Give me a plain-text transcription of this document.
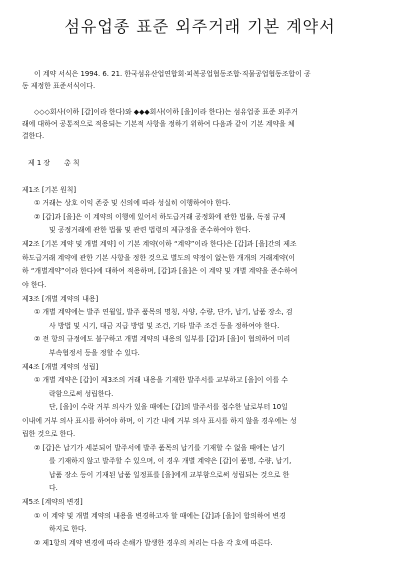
섬유업종 표준 외주거래 기본 계약서
이 계약 서식은 1994. 6. 21. 한국섬유산업연합회·피복공업협동조합·직물공업협동조합이 공
동 제정한 표준서식이다.
◇◇◇회사(이하 [갑]이라 한다)와 ◆◆◆회사(이하 [을]이라 한다)는 섬유업종 표준 외주거
래에 대하여 공통적으로 적용되는 기본적 사항을 정하기 위하여 다음과 같이 기본 계약을 체
결한다.
제 1 장 총 칙
제1조 [기본 원칙]
① 거래는 상호 이익 존중 및 신의에 따라 성실히 이행하여야 한다.
② [갑]과 [을]은 이 계약의 이행에 있어서 하도급거래 공정화에 관한 법률, 독점 규제
및 공정거래에 관한 법률 및 관련 법령의 제규정을 준수하여야 한다.
제2조 [기본 계약 및 개별 계약] 이 기본 계약(이하 “계약”이라 한다)은 [갑]과 [을]간의 제조
하도급거래 계약에 관한 기본 사항을 정한 것으로 별도의 약정이 없는한 개개의 거래계약(이
하 “개별계약”이라 한다)에 대하여 적용하며, [갑]과 [을]은 이 계약 및 개별 계약을 준수하여
야 한다.
제3조 [개별 계약의 내용]
① 개별 계약에는 발주 연월일, 발주 품목의 명칭, 사양, 수량, 단가, 납기, 납품 장소, 검
사 방법 및 시기, 대금 지급 방법 및 조건, 기타 발주 조건 등을 정하여야 한다.
② 전 항의 규정에도 불구하고 개별 계약의 내용의 일부를 [갑]과 [을]이 협의하여 미리
부속협정서 등을 정할 수 있다.
제4조 [개별 계약의 성립]
① 개별 계약은 [갑]이 제3조의 거래 내용을 기재한 발주서를 교부하고 [을]이 이를 수
락함으로써 성립한다.
단, [을]이 수락 거부 의사가 있을 때에는 [갑]의 발주서를 접수한 날로부터 10일
이내에 거부 의사 표시를 하여야 하며, 이 기간 내에 거부 의사 표시를 하지 않을 경우에는 성
립한 것으로 한다.
② [갑]은 납기가 세분되어 발주서에 발주 품목의 납기를 기재할 수 없을 때에는 납기
를 기재하지 않고 발주할 수 있으며, 이 경우 개별 계약은 [갑]이 품명, 수량, 납기,
납품 장소 등이 기재된 납품 일정표를 [을]에게 교부함으로써 성립되는 것으로 한
다.
제5조 [계약의 변경]
① 이 계약 및 개별 계약의 내용을 변경하고자 할 때에는 [갑]과 [을]이 합의하여 변경
하지로 한다.
② 제1항의 계약 변경에 따라 손해가 발생한 경우의 처리는 다음 각 호에 따른다.
